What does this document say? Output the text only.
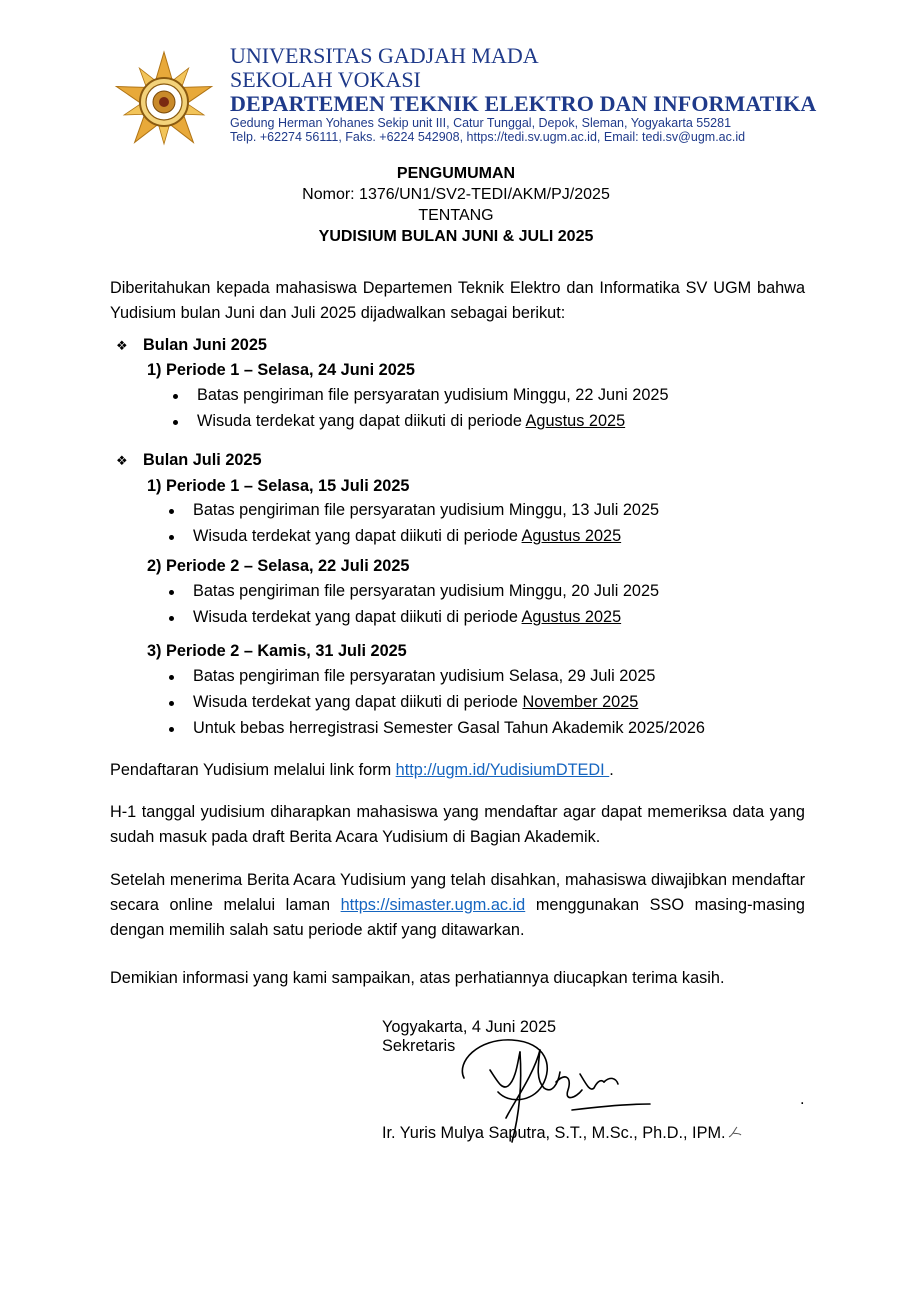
UNIVERSITAS GADJAH MADA
SEKOLAH VOKASI
DEPARTEMEN TEKNIK ELEKTRO DAN INFORMATIKA
Gedung Herman Yohanes Sekip unit III, Catur Tunggal, Depok, Sleman, Yogyakarta 55281
Telp. +62274 56111, Faks. +6224 542908, https://tedi.sv.ugm.ac.id, Email: tedi.sv@ugm.ac.id
PENGUMUMAN
Nomor: 1376/UN1/SV2-TEDI/AKM/PJ/2025
TENTANG
YUDISIUM BULAN JUNI & JULI 2025
Diberitahukan kepada mahasiswa Departemen Teknik Elektro dan Informatika SV UGM bahwa Yudisium bulan Juni dan Juli 2025 dijadwalkan sebagai berikut:
❖ Bulan Juni 2025
1) Periode 1 – Selasa, 24 Juni 2025
Batas pengiriman file persyaratan yudisium Minggu, 22 Juni 2025
Wisuda terdekat yang dapat diikuti di periode Agustus 2025
❖ Bulan Juli 2025
1) Periode 1 – Selasa, 15 Juli 2025
Batas pengiriman file persyaratan yudisium Minggu, 13 Juli 2025
Wisuda terdekat yang dapat diikuti di periode Agustus 2025
2) Periode 2 – Selasa, 22 Juli 2025
Batas pengiriman file persyaratan yudisium Minggu, 20 Juli 2025
Wisuda terdekat yang dapat diikuti di periode Agustus 2025
3) Periode 2 – Kamis, 31 Juli 2025
Batas pengiriman file persyaratan yudisium Selasa, 29 Juli 2025
Wisuda terdekat yang dapat diikuti di periode November 2025
Untuk bebas herregistrasi Semester Gasal Tahun Akademik 2025/2026
Pendaftaran Yudisium melalui link form http://ugm.id/YudisiumDTEDI .
H-1 tanggal yudisium diharapkan mahasiswa yang mendaftar agar dapat memeriksa data yang sudah masuk pada draft Berita Acara Yudisium di Bagian Akademik.
Setelah menerima Berita Acara Yudisium yang telah disahkan, mahasiswa diwajibkan mendaftar secara online melalui laman https://simaster.ugm.ac.id menggunakan SSO masing-masing dengan memilih salah satu periode aktif yang ditawarkan.
Demikian informasi yang kami sampaikan, atas perhatiannya diucapkan terima kasih.
Yogyakarta, 4 Juni 2025
Sekretaris
.
Ir. Yuris Mulya Saputra, S.T., M.Sc., Ph.D., IPM.
